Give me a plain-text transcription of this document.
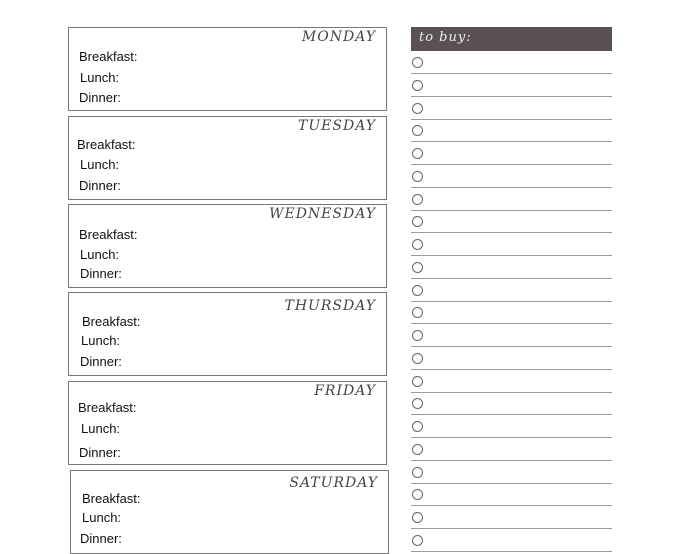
MONDAY
Breakfast:
Lunch:
Dinner:
TUESDAY
Breakfast:
Lunch:
Dinner:
WEDNESDAY
Breakfast:
Lunch:
Dinner:
THURSDAY
Breakfast:
Lunch:
Dinner:
FRIDAY
Breakfast:
Lunch:
Dinner:
SATURDAY
Breakfast:
Lunch:
Dinner:
to buy:
